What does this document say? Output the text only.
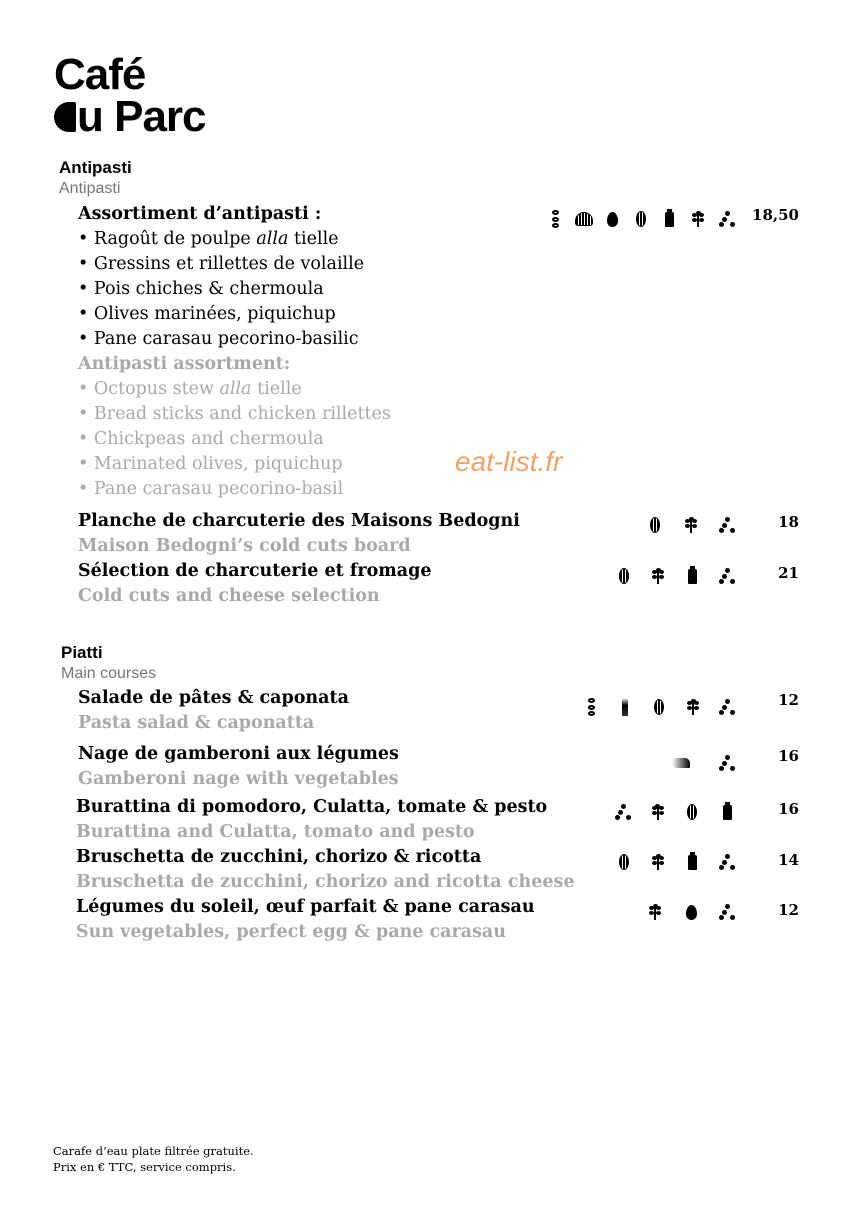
Café
u Parc
Antipasti
Antipasti
Assortiment d’antipasti :
• Ragoût de poulpe alla tielle
• Gressins et rillettes de volaille
• Pois chiches & chermoula
• Olives marinées, piquichup
• Pane carasau pecorino-basilic
Antipasti assortment:
• Octopus stew alla tielle
• Bread sticks and chicken rillettes
• Chickpeas and chermoula
• Marinated olives, piquichup
• Pane carasau pecorino-basil
18,50
Planche de charcuterie des Maisons Bedogni
Maison Bedogni’s cold cuts board
18
Sélection de charcuterie et fromage
Cold cuts and cheese selection
21
Piatti
Main courses
Salade de pâtes & caponata
Pasta salad & caponatta
12
Nage de gamberoni aux légumes
Gamberoni nage with vegetables
16
Burattina di pomodoro, Culatta, tomate & pesto
Burattina and Culatta, tomato and pesto
16
Bruschetta de zucchini, chorizo & ricotta
Bruschetta de zucchini, chorizo and ricotta cheese
14
Légumes du soleil, œuf parfait & pane carasau
Sun vegetables, perfect egg & pane carasau
12
eat-list.fr
Carafe d’eau plate filtrée gratuite.
Prix en € TTC, service compris.
